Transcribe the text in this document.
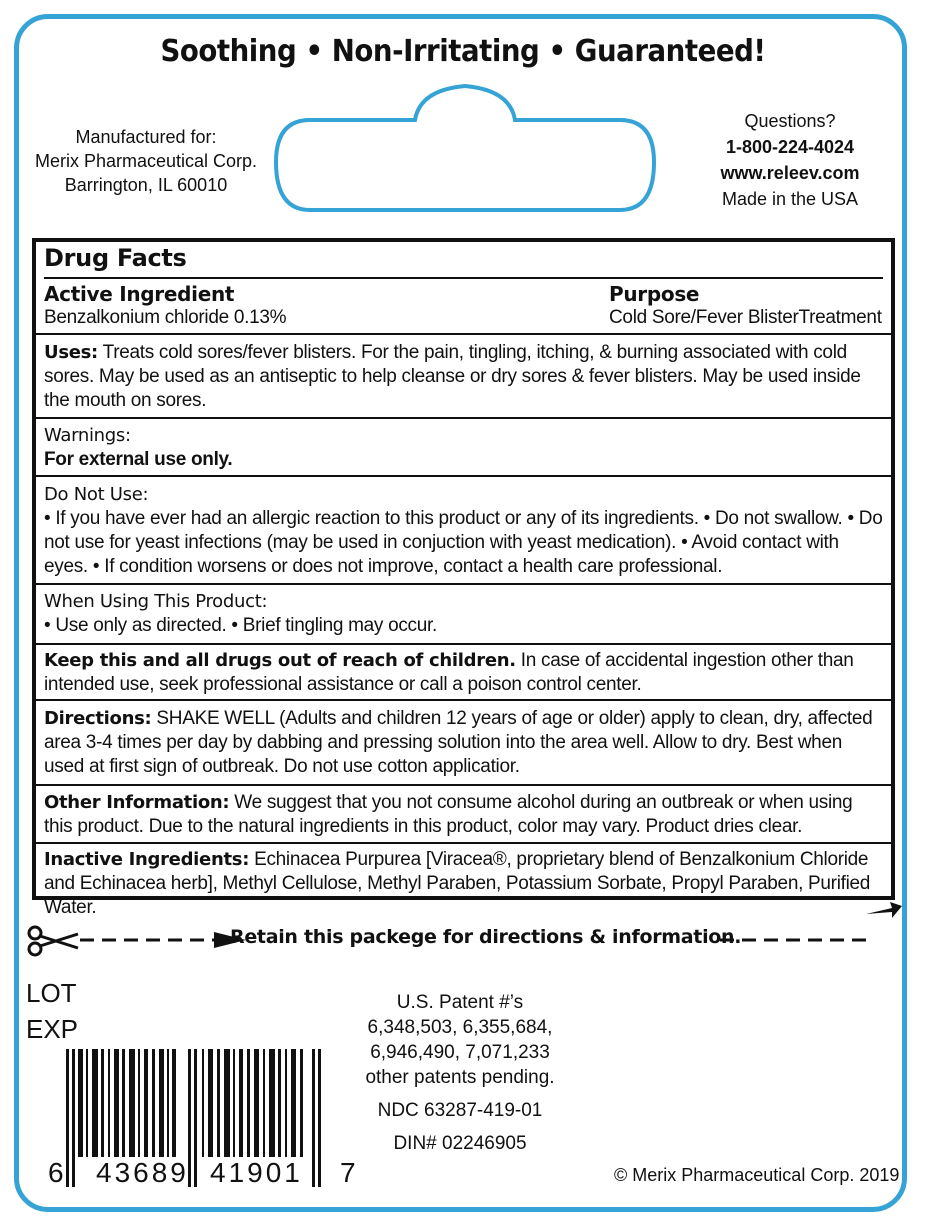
Soothing • Non-Irritating • Guaranteed!
Manufactured for:
Merix Pharmaceutical Corp.
Barrington, IL 60010
Questions?
1-800-224-4024
www.releev.com
Made in the USA
Drug Facts
Active Ingredient	Purpose
Benzalkonium chloride 0.13%	Cold Sore/Fever BlisterTreatment
Uses: Treats cold sores/fever blisters. For the pain, tingling, itching, & burning associated with cold sores. May be used as an antiseptic to help cleanse or dry sores & fever blisters. May be used inside the mouth on sores.
Warnings:
For external use only.
Do Not Use:
• If you have ever had an allergic reaction to this product or any of its ingredients. • Do not swallow. • Do not use for yeast infections (may be used in conjuction with yeast medication). • Avoid contact with eyes. • If condition worsens or does not improve, contact a health care professional.
When Using This Product:
• Use only as directed. • Brief tingling may occur.
Keep this and all drugs out of reach of children. In case of accidental ingestion other than intended use, seek professional assistance or call a poison control center.
Directions: SHAKE WELL (Adults and children 12 years of age or older) apply to clean, dry, affected area 3-4 times per day by dabbing and pressing solution into the area well. Allow to dry. Best when used at first sign of outbreak. Do not use cotton applicatior.
Other Information: We suggest that you not consume alcohol during an outbreak or when using this product. Due to the natural ingredients in this product, color may vary. Product dries clear.
Inactive Ingredients: Echinacea Purpurea [Viracea®, proprietary blend of Benzalkonium Chloride and Echinacea herb], Methyl Cellulose, Methyl Paraben, Potassium Sorbate, Propyl Paraben, Purified Water.
Retain this packege for directions & information.
LOT
EXP
6 43689 41901 7
U.S. Patent #’s
6,348,503, 6,355,684,
6,946,490, 7,071,233
other patents pending.
NDC 63287-419-01
DIN# 02246905
© Merix Pharmaceutical Corp. 2019
